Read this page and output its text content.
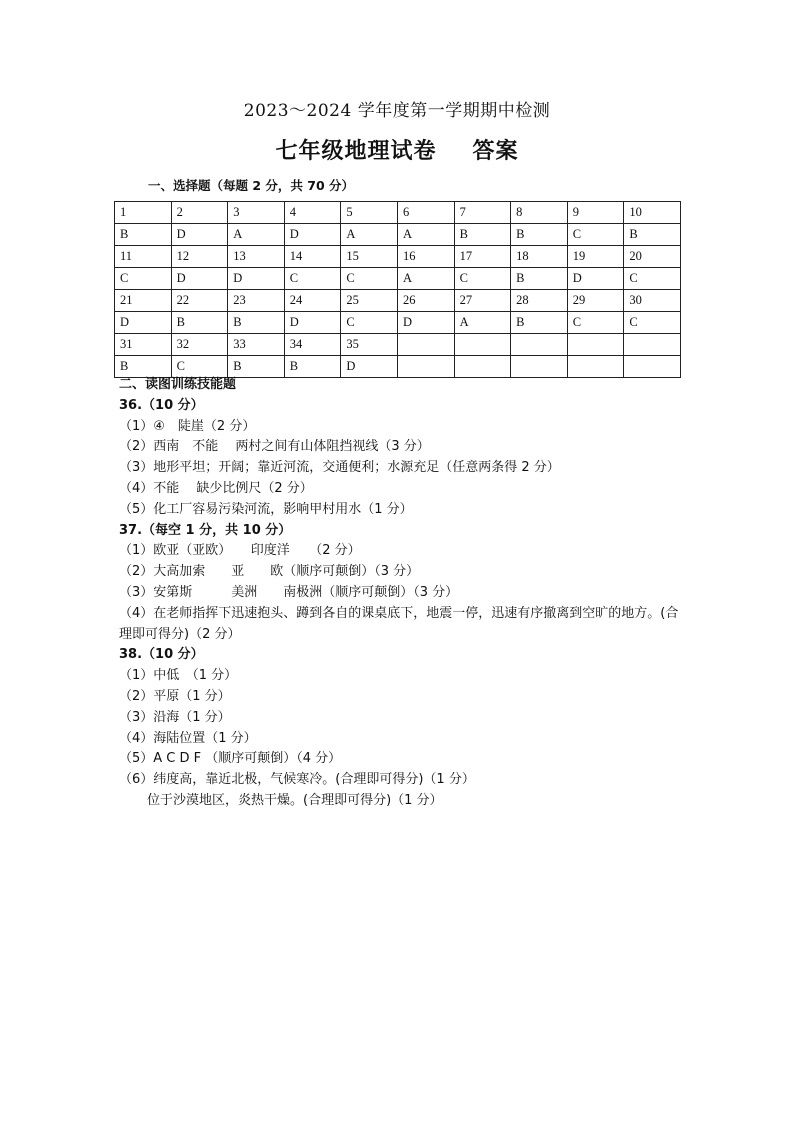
2023～2024 学年度第一学期期中检测
七年级地理试卷 答案
一、选择题（每题 2 分，共 70 分）
1	2	3	4	5	6	7	8	9	10
B	D	A	D	A	A	B	B	C	B
11	12	13	14	15	16	17	18	19	20
C	D	D	C	C	A	C	B	D	C
21	22	23	24	25	26	27	28	29	30
D	B	B	D	C	D	A	B	C	C
31	32	33	34	35					
B	C	B	B	D					
二、读图训练技能题
36.（10 分）
（1）④　陡崖（2 分）
（2）西南　不能　 两村之间有山体阻挡视线（3 分）
（3）地形平坦；开阔；靠近河流，交通便利；水源充足（任意两条得 2 分）
（4）不能　 缺少比例尺（2 分）
（5）化工厂容易污染河流，影响甲村用水（1 分）
37.（每空 1 分，共 10 分）
（1）欧亚（亚欧）　　印度洋　　（2 分）
（2）大高加索　　亚　　欧（顺序可颠倒）（3 分）
（3）安第斯　　　美洲　　南极洲（顺序可颠倒）（3 分）
（4）在老师指挥下迅速抱头、蹲到各自的课桌底下，地震一停，迅速有序撤离到空旷的地方。(合理即可得分)（2 分）
38.（10 分）
（1）中低　（1 分）
（2）平原（1 分）
（3）沿海（1 分）
（4）海陆位置（1 分）
（5）A C D F （顺序可颠倒）（4 分）
（6）纬度高，靠近北极，气候寒冷。(合理即可得分)（1 分）
位于沙漠地区，炎热干燥。(合理即可得分)（1 分）
